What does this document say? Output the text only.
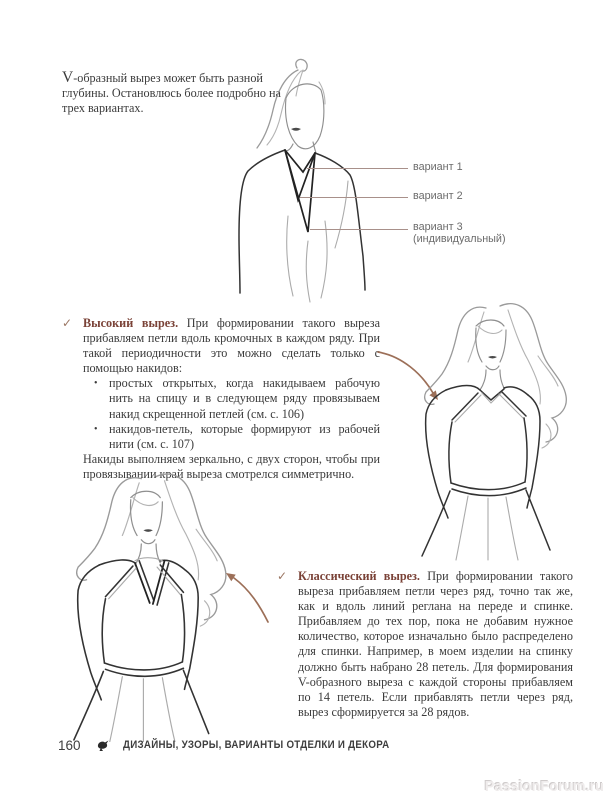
V-образный вырез может быть разной глубины. Остановлюсь более подробно на трех вариантах.
вариант 1
вариант 2
вариант 3
(индивидуальный)
✓ Высокий вырез. При формировании такого выреза прибавляем петли вдоль кромочных в каждом ряду. При такой периодичности это можно сделать только с помощью накидов:
• простых открытых, когда накидываем рабочую нить на спицу и в следующем ряду провязываем накид скрещенной петлей (см. с. 106)
• накидов-петель, которые формируют из рабочей нити (см. с. 107)
Накиды выполняем зеркально, с двух сторон, чтобы при провязывании край выреза смотрелся симметрично.
✓ Классический вырез. При формировании такого выреза прибавляем петли через ряд, точно так же, как и вдоль линий реглана на переде и спинке. Прибавляем до тех пор, пока не добавим нужное количество, которое изначально было распределено для спинки. Например, в моем изделии на спинку должно быть набрано 28 петель. Для формирования V-образного выреза с каждой стороны прибавляем по 14 петель. Если прибавлять петли через ряд, вырез сформируется за 28 рядов.
160	ДИЗАЙНЫ, УЗОРЫ, ВАРИАНТЫ ОТДЕЛКИ И ДЕКОРА
PassionForum.ru
